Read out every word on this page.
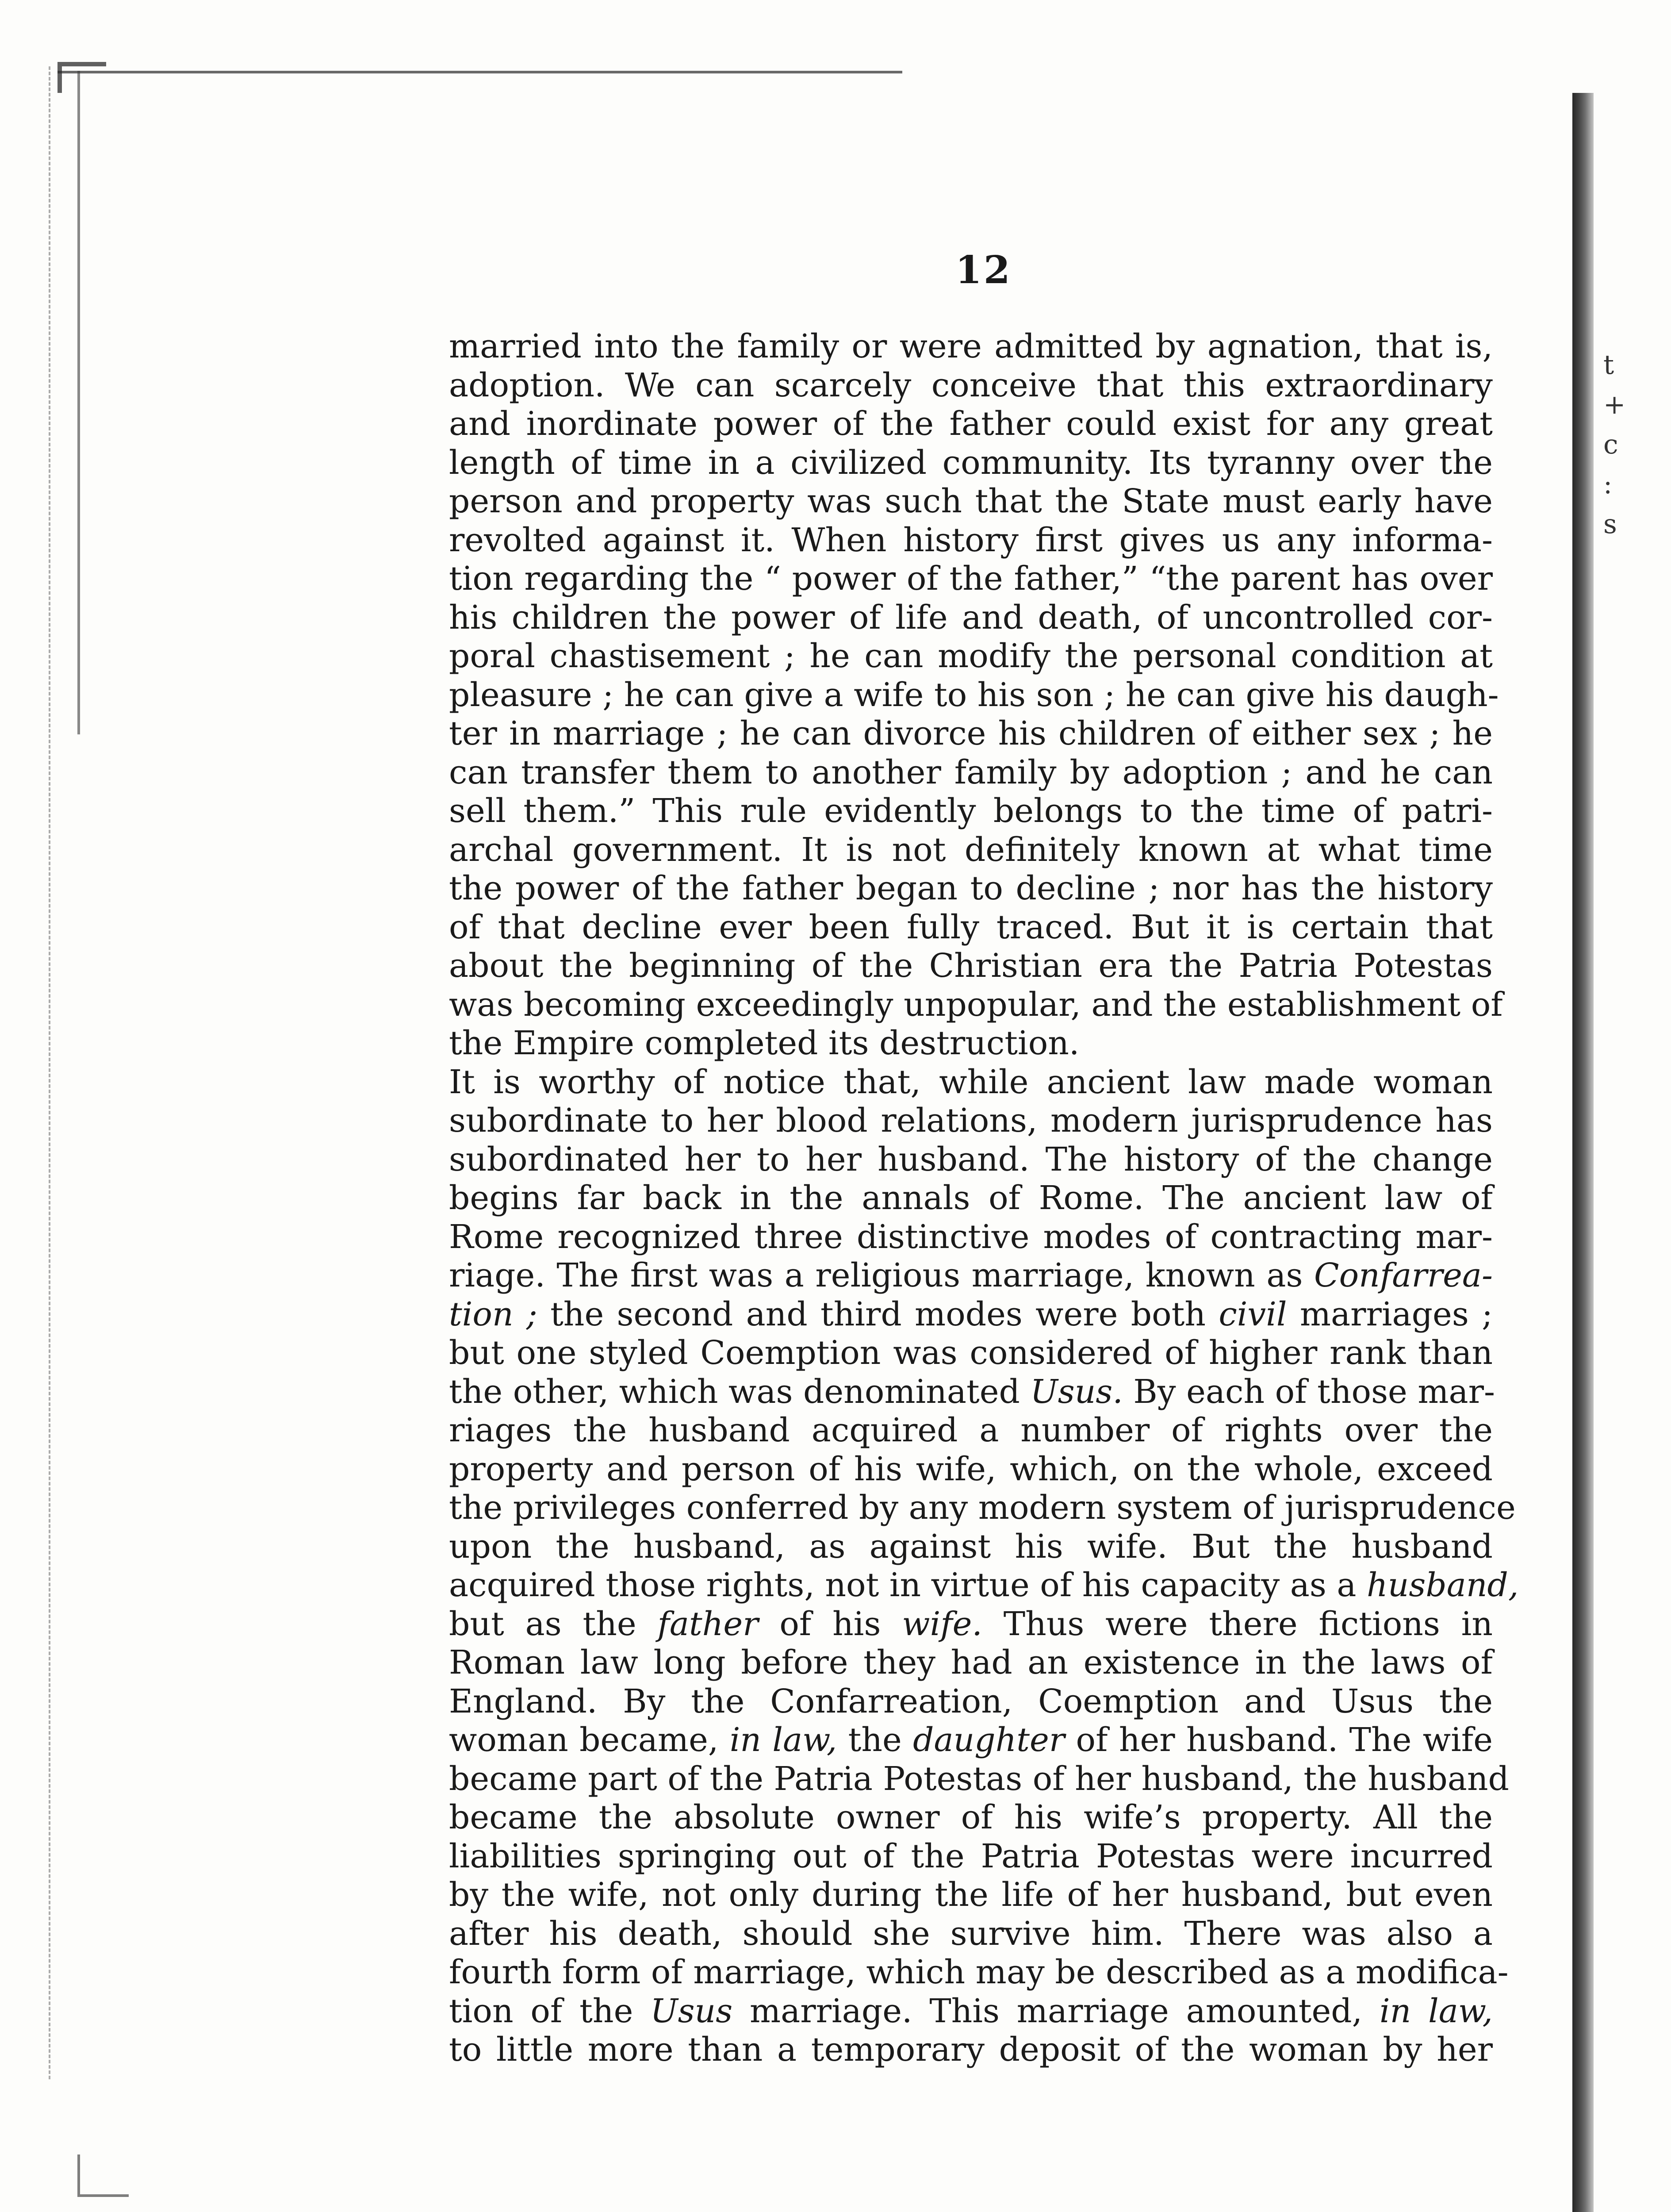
t
+
c
:
s
12

married into the family or were admitted by agnation, that is,
adoption. We can scarcely conceive that this extraordinary
and inordinate power of the father could exist for any great
length of time in a civilized community. Its tyranny over the
person and property was such that the State must early have
revolted against it. When history first gives us any informa-
tion regarding the “ power of the father,” “the parent has over
his children the power of life and death, of uncontrolled cor-
poral chastisement ; he can modify the personal condition at
pleasure ; he can give a wife to his son ; he can give his daugh-
ter in marriage ; he can divorce his children of either sex ; he
can transfer them to another family by adoption ; and he can
sell them.” This rule evidently belongs to the time of patri-
archal government. It is not definitely known at what time
the power of the father began to decline ; nor has the history
of that decline ever been fully traced. But it is certain that
about the beginning of the Christian era the Patria Potestas
was becoming exceedingly unpopular, and the establishment of
the Empire completed its destruction.

It is worthy of notice that, while ancient law made woman
subordinate to her blood relations, modern jurisprudence has
subordinated her to her husband. The history of the change
begins far back in the annals of Rome. The ancient law of
Rome recognized three distinctive modes of contracting mar-
riage. The first was a religious marriage, known as Confarrea-
tion ; the second and third modes were both civil marriages ;
but one styled Coemption was considered of higher rank than
the other, which was denominated Usus. By each of those mar-
riages the husband acquired a number of rights over the
property and person of his wife, which, on the whole, exceed
the privileges conferred by any modern system of jurisprudence
upon the husband, as against his wife. But the husband
acquired those rights, not in virtue of his capacity as a husband,
but as the father of his wife. Thus were there fictions in
Roman law long before they had an existence in the laws of
England. By the Confarreation, Coemption and Usus the
woman became, in law, the daughter of her husband. The wife
became part of the Patria Potestas of her husband, the husband
became the absolute owner of his wife’s property. All the
liabilities springing out of the Patria Potestas were incurred
by the wife, not only during the life of her husband, but even
after his death, should she survive him. There was also a
fourth form of marriage, which may be described as a modifica-
tion of the Usus marriage. This marriage amounted, in law,
to little more than a temporary deposit of the woman by her
